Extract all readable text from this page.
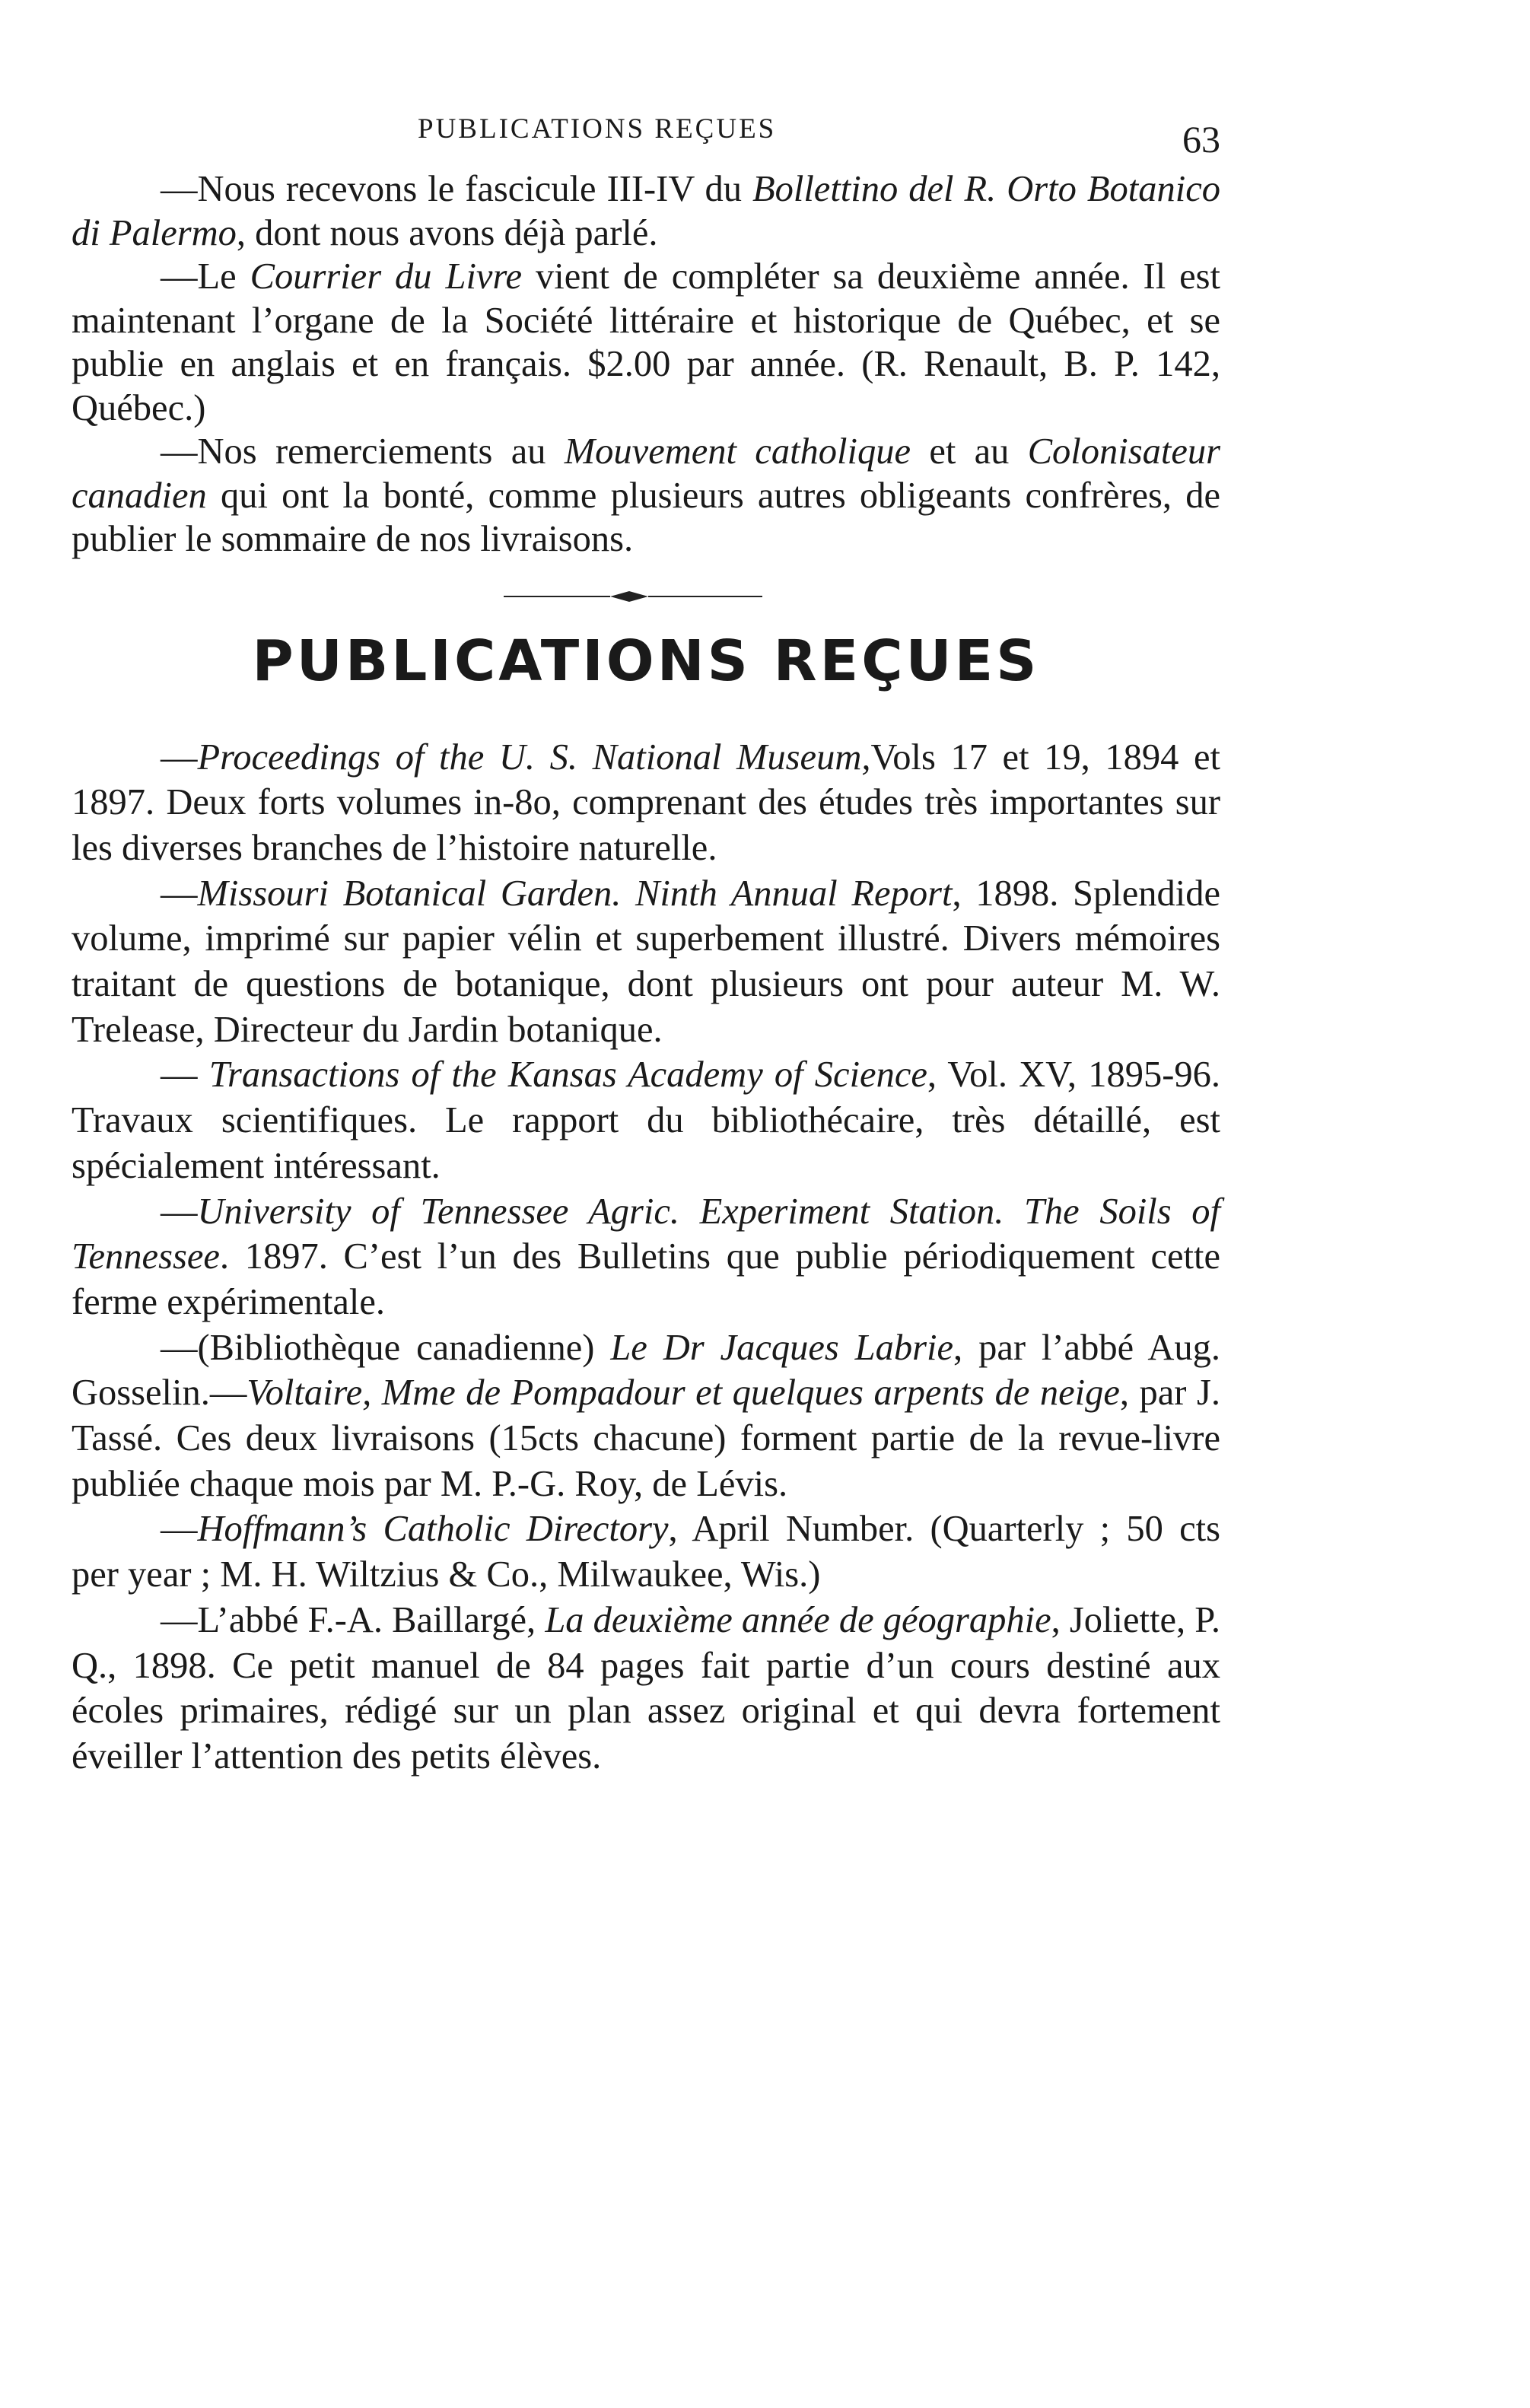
PUBLICATIONS REÇUES	63

—Nous recevons le fascicule III-IV du Bollettino del R. Orto Botanico di Palermo, dont nous avons déjà parlé.

—Le Courrier du Livre vient de compléter sa deuxième année. Il est maintenant l’organe de la Société littéraire et historique de Québec, et se publie en anglais et en français. $2.00 par année. (R. Renault, B. P. 142, Québec.)

—Nos remerciements au Mouvement catholique et au Colonisateur canadien qui ont la bonté, comme plusieurs autres obligeants confrères, de publier le sommaire de nos livraisons.

PUBLICATIONS REÇUES

—Proceedings of the U. S. National Museum,Vols 17 et 19, 1894 et 1897. Deux forts volumes in-8o, comprenant des études très importantes sur les diverses branches de l’histoire naturelle.

—Missouri Botanical Garden. Ninth Annual Report, 1898. Splendide volume, imprimé sur papier vélin et superbement illustré. Divers mémoires traitant de questions de botanique, dont plusieurs ont pour auteur M. W. Trelease, Directeur du Jardin botanique.

— Transactions of the Kansas Academy of Science, Vol. XV, 1895-96. Travaux scientifiques. Le rapport du bibliothécaire, très détaillé, est spécialement intéressant.

—University of Tennessee Agric. Experiment Station. The Soils of Tennessee. 1897. C’est l’un des Bulletins que publie périodiquement cette ferme expérimentale.

—(Bibliothèque canadienne) Le Dr Jacques Labrie, par l’abbé Aug. Gosselin.—Voltaire, Mme de Pompadour et quelques arpents de neige, par J. Tassé. Ces deux livraisons (15cts chacune) forment partie de la revue-livre publiée chaque mois par M. P.-G. Roy, de Lévis.

—Hoffmann’s Catholic Directory, April Number. (Quarterly ; 50 cts per year ; M. H. Wiltzius & Co., Milwaukee, Wis.)

—L’abbé F.-A. Baillargé, La deuxième année de géographie, Joliette, P. Q., 1898. Ce petit manuel de 84 pages fait partie d’un cours destiné aux écoles primaires, rédigé sur un plan assez original et qui devra fortement éveiller l’attention des petits élèves.
